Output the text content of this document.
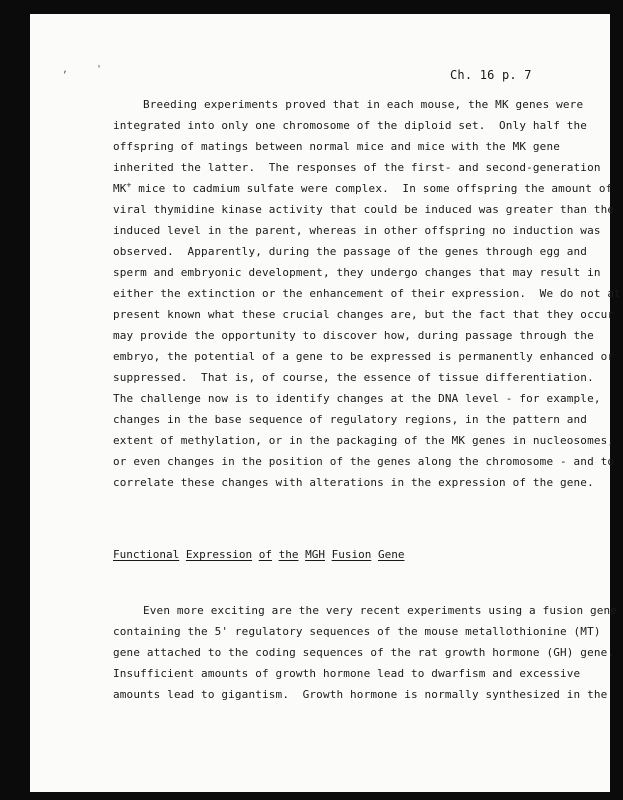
,	'	Ch. 16 p. 7
Breeding experiments proved that in each mouse, the MK genes were
integrated into only one chromosome of the diploid set.  Only half the
offspring of matings between normal mice and mice with the MK gene
inherited the latter.  The responses of the first- and second-generation
MK+ mice to cadmium sulfate were complex.  In some offspring the amount of
viral thymidine kinase activity that could be induced was greater than the
induced level in the parent, whereas in other offspring no induction was
observed.  Apparently, during the passage of the genes through egg and
sperm and embryonic development, they undergo changes that may result in
either the extinction or the enhancement of their expression.  We do not at
present known what these crucial changes are, but the fact that they occur
may provide the opportunity to discover how, during passage through the
embryo, the potential of a gene to be expressed is permanently enhanced or
suppressed.  That is, of course, the essence of tissue differentiation.
The challenge now is to identify changes at the DNA level - for example,
changes in the base sequence of regulatory regions, in the pattern and
extent of methylation, or in the packaging of the MK genes in nucleosomes,
or even changes in the position of the genes along the chromosome - and to
correlate these changes with alterations in the expression of the gene.
Functional Expression of the MGH Fusion Gene
Even more exciting are the very recent experiments using a fusion gene
containing the 5' regulatory sequences of the mouse metallothionine (MT)
gene attached to the coding sequences of the rat growth hormone (GH) gene.
Insufficient amounts of growth hormone lead to dwarfism and excessive
amounts lead to gigantism.  Growth hormone is normally synthesized in the
